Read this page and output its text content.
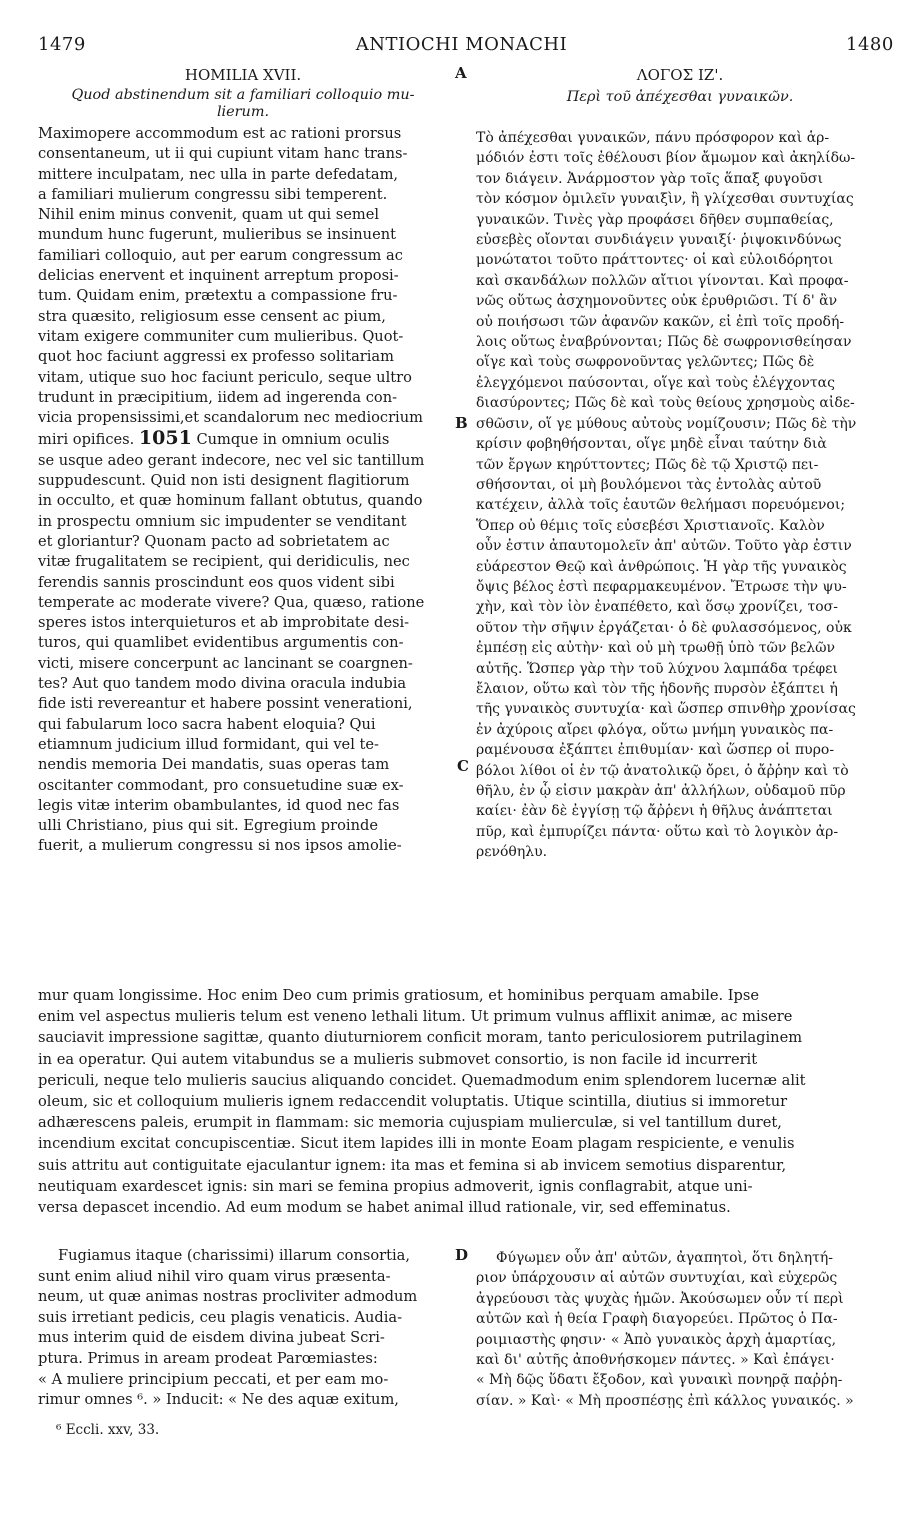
1479	ANTIOCHI MONACHI	1480
HOMILIA XVII.
Quod abstinendum sit a familiari colloquio mu-
lierum.
ΛΟΓΟΣ ΙΖ'.
Περὶ τοῦ ἀπέχεσθαι γυναικῶν.
A
B
C
D
Maximopere accommodum est ac rationi prorsus
consentaneum, ut ii qui cupiunt vitam hanc trans-
mittere inculpatam, nec ulla in parte defedatam,
a familiari mulierum congressu sibi temperent.
Nihil enim minus convenit, quam ut qui semel
mundum hunc fugerunt, mulieribus se insinuent
familiari colloquio, aut per earum congressum ac
delicias enervent et inquinent arreptum proposi-
tum. Quidam enim, prætextu a compassione fru-
stra quæsito, religiosum esse censent ac pium,
vitam exigere communiter cum mulieribus. Quot-
quot hoc faciunt aggressi ex professo solitariam
vitam, utique suo hoc faciunt periculo, seque ultro
trudunt in præcipitium, iidem ad ingerenda con-
vicia propensissimi,et scandalorum nec mediocrium
miri opifices. 1051 Cumque in omnium oculis
se usque adeo gerant indecore, nec vel sic tantillum
suppudescunt. Quid non isti designent flagitiorum
in occulto, et quæ hominum fallant obtutus, quando
in prospectu omnium sic impudenter se venditant
et gloriantur? Quonam pacto ad sobrietatem ac
vitæ frugalitatem se recipient, qui deridiculis, nec
ferendis sannis proscindunt eos quos vident sibi
temperate ac moderate vivere? Qua, quæso, ratione
speres istos interquieturos et ab improbitate desi-
turos, qui quamlibet evidentibus argumentis con-
victi, misere concerpunt ac lancinant se coargnen-
tes? Aut quo tandem modo divina oracula indubia
fide isti revereantur et habere possint venerationi,
qui fabularum loco sacra habent eloquia? Qui
etiamnum judicium illud formidant, qui vel te-
nendis memoria Dei mandatis, suas operas tam
oscitanter commodant, pro consuetudine suæ ex-
legis vitæ interim obambulantes, id quod nec fas
ulli Christiano, pius qui sit. Egregium proinde
fuerit, a mulierum congressu si nos ipsos amolie-
Τὸ ἀπέχεσθαι γυναικῶν, πάνυ πρόσφορον καὶ ἁρ-
μόδιόν ἐστι τοῖς ἐθέλουσι βίον ἄμωμον καὶ ἀκηλίδω-
τον διάγειν. Ἀνάρμοστον γὰρ τοῖς ἅπαξ φυγοῦσι
τὸν κόσμον ὁμιλεῖν γυναιξὶν, ἢ γλίχεσθαι συντυχίας
γυναικῶν. Τινὲς γὰρ προφάσει δῆθεν συμπαθείας,
εὐσεβὲς οἴονται συνδιάγειν γυναιξί· ῥιψοκινδύνως
μονώτατοι τοῦτο πράττοντες· οἱ καὶ εὐλοιδόρητοι
καὶ σκανδάλων πολλῶν αἴτιοι γίνονται. Καὶ προφα-
νῶς οὕτως ἀσχημονοῦντες οὐκ ἐρυθριῶσι. Τί δ' ἂν
οὐ ποιήσωσι τῶν ἀφανῶν κακῶν, εἰ ἐπὶ τοῖς προδή-
λοις οὕτως ἐναβρύνονται; Πῶς δὲ σωφρονισθείησαν
οἵγε καὶ τοὺς σωφρονοῦντας γελῶντες; Πῶς δὲ
ἐλεγχόμενοι παύσονται, οἵγε καὶ τοὺς ἐλέγχοντας
διασύροντες; Πῶς δὲ καὶ τοὺς θείους χρησμοὺς αἰδε-
σθῶσιν, οἵ γε μύθους αὐτοὺς νομίζουσιν; Πῶς δὲ τὴν
κρίσιν φοβηθήσονται, οἵγε μηδὲ εἶναι ταύτην διὰ
τῶν ἔργων κηρύττοντες; Πῶς δὲ τῷ Χριστῷ πει-
σθήσονται, οἱ μὴ βουλόμενοι τὰς ἐντολὰς αὐτοῦ
κατέχειν, ἀλλὰ τοῖς ἑαυτῶν θελήμασι πορευόμενοι;
Ὅπερ οὐ θέμις τοῖς εὐσεβέσι Χριστιανοῖς. Καλὸν
οὖν ἐστιν ἀπαυτομολεῖν ἀπ' αὐτῶν. Τοῦτο γὰρ ἐστιν
εὐάρεστον Θεῷ καὶ ἀνθρώποις. Ἡ γὰρ τῆς γυναικὸς
ὄψις βέλος ἐστὶ πεφαρμακευμένον. Ἔτρωσε τὴν ψυ-
χὴν, καὶ τὸν ἰὸν ἐναπέθετο, καὶ ὅσῳ χρονίζει, τοσ-
οῦτον τὴν σῆψιν ἐργάζεται· ὁ δὲ φυλασσόμενος, οὐκ
ἐμπέσῃ εἰς αὐτὴν· καὶ οὐ μὴ τρωθῇ ὑπὸ τῶν βελῶν
αὐτῆς. Ὥσπερ γὰρ τὴν τοῦ λύχνου λαμπάδα τρέφει
ἔλαιον, οὕτω καὶ τὸν τῆς ἡδονῆς πυρσὸν ἐξάπτει ἡ
τῆς γυναικὸς συντυχία· καὶ ὥσπερ σπινθὴρ χρονίσας
ἐν ἀχύροις αἴρει φλόγα, οὕτω μνήμη γυναικὸς πα-
ραμένουσα ἐξάπτει ἐπιθυμίαν· καὶ ὥσπερ οἱ πυρο-
βόλοι λίθοι οἱ ἐν τῷ ἀνατολικῷ ὄρει, ὁ ἄῤῥην καὶ τὸ
θῆλυ, ἐν ᾧ εἰσιν μακρὰν ἀπ' ἀλλήλων, οὐδαμοῦ πῦρ
καίει· ἐὰν δὲ ἐγγίσῃ τῷ ἄῤῥενι ἡ θῆλυς ἀνάπτεται
πῦρ, καὶ ἐμπυρίζει πάντα· οὕτω καὶ τὸ λογικὸν ἀρ-
ρενόθηλυ.
mur quam longissime. Hoc enim Deo cum primis gratiosum, et hominibus perquam amabile. Ipse
enim vel aspectus mulieris telum est veneno lethali litum. Ut primum vulnus afflixit animæ, ac misere
sauciavit impressione sagittæ, quanto diuturniorem conficit moram, tanto periculosiorem putrilaginem
in ea operatur. Qui autem vitabundus se a mulieris submovet consortio, is non facile id incurrerit
periculi, neque telo mulieris saucius aliquando concidet. Quemadmodum enim splendorem lucernæ alit
oleum, sic et colloquium mulieris ignem redaccendit voluptatis. Utique scintilla, diutius si immoretur
adhærescens paleis, erumpit in flammam: sic memoria cujuspiam mulierculæ, si vel tantillum duret,
incendium excitat concupiscentiæ. Sicut item lapides illi in monte Eoam plagam respiciente, e venulis
suis attritu aut contiguitate ejaculantur ignem: ita mas et femina si ab invicem semotius disparentur,
neutiquam exardescet ignis: sin mari se femina propius admoverit, ignis conflagrabit, atque uni-
versa depascet incendio. Ad eum modum se habet animal illud rationale, vir, sed effeminatus.
Fugiamus itaque (charissimi) illarum consortia,
sunt enim aliud nihil viro quam virus præsenta-
neum, ut quæ animas nostras procliviter admodum
suis irretiant pedicis, ceu plagis venaticis. Audia-
mus interim quid de eisdem divina jubeat Scri-
ptura. Primus in aream prodeat Parœmiastes:
« A muliere principium peccati, et per eam mo-
rimur omnes ⁶. » Inducit: « Ne des aquæ exitum,
Φύγωμεν οὖν ἀπ' αὐτῶν, ἀγαπητοὶ, ὅτι δηλητή-
ριον ὑπάρχουσιν αἱ αὐτῶν συντυχίαι, καὶ εὐχερῶς
ἀγρεύουσι τὰς ψυχὰς ἡμῶν. Ἀκούσωμεν οὖν τί περὶ
αὐτῶν καὶ ἡ θεία Γραφὴ διαγορεύει. Πρῶτος ὁ Πα-
ροιμιαστὴς φησιν· « Ἀπὸ γυναικὸς ἀρχὴ ἁμαρτίας,
καὶ δι' αὐτῆς ἀποθνήσκομεν πάντες. » Καὶ ἐπάγει·
« Μὴ δῷς ὕδατι ἔξοδον, καὶ γυναικὶ πονηρᾷ παῤῥη-
σίαν. » Καὶ· « Μὴ προσπέσῃς ἐπὶ κάλλος γυναικός. »
⁶ Eccli. xxv, 33.
